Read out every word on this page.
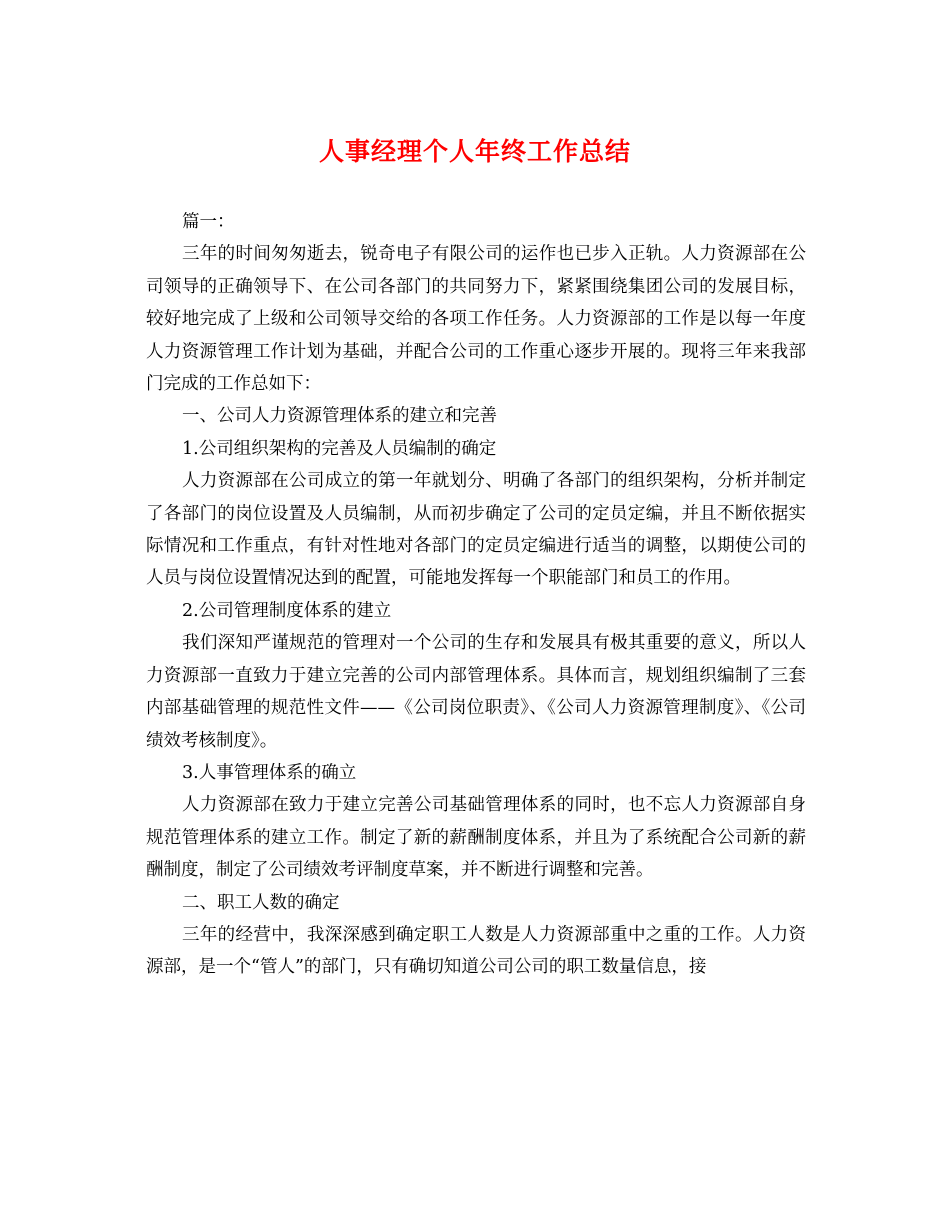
人事经理个人年终工作总结

篇一：

三年的时间匆匆逝去，锐奇电子有限公司的运作也已步入正轨。人力资源部在公司领导的正确领导下、在公司各部门的共同努力下，紧紧围绕集团公司的发展目标，较好地完成了上级和公司领导交给的各项工作任务。人力资源部的工作是以每一年度人力资源管理工作计划为基础，并配合公司的工作重心逐步开展的。现将三年来我部门完成的工作总如下：

一、公司人力资源管理体系的建立和完善

1.公司组织架构的完善及人员编制的确定

人力资源部在公司成立的第一年就划分、明确了各部门的组织架构，分析并制定了各部门的岗位设置及人员编制，从而初步确定了公司的定员定编，并且不断依据实际情况和工作重点，有针对性地对各部门的定员定编进行适当的调整，以期使公司的人员与岗位设置情况达到的配置，可能地发挥每一个职能部门和员工的作用。

2.公司管理制度体系的建立

我们深知严谨规范的管理对一个公司的生存和发展具有极其重要的意义，所以人力资源部一直致力于建立完善的公司内部管理体系。具体而言，规划组织编制了三套内部基础管理的规范性文件——《公司岗位职责》、《公司人力资源管理制度》、《公司绩效考核制度》。

3.人事管理体系的确立

人力资源部在致力于建立完善公司基础管理体系的同时，也不忘人力资源部自身规范管理体系的建立工作。制定了新的薪酬制度体系，并且为了系统配合公司新的薪酬制度，制定了公司绩效考评制度草案，并不断进行调整和完善。

二、职工人数的确定

三年的经营中，我深深感到确定职工人数是人力资源部重中之重的工作。人力资源部，是一个“管人”的部门，只有确切知道公司公司的职工数量信息，接
